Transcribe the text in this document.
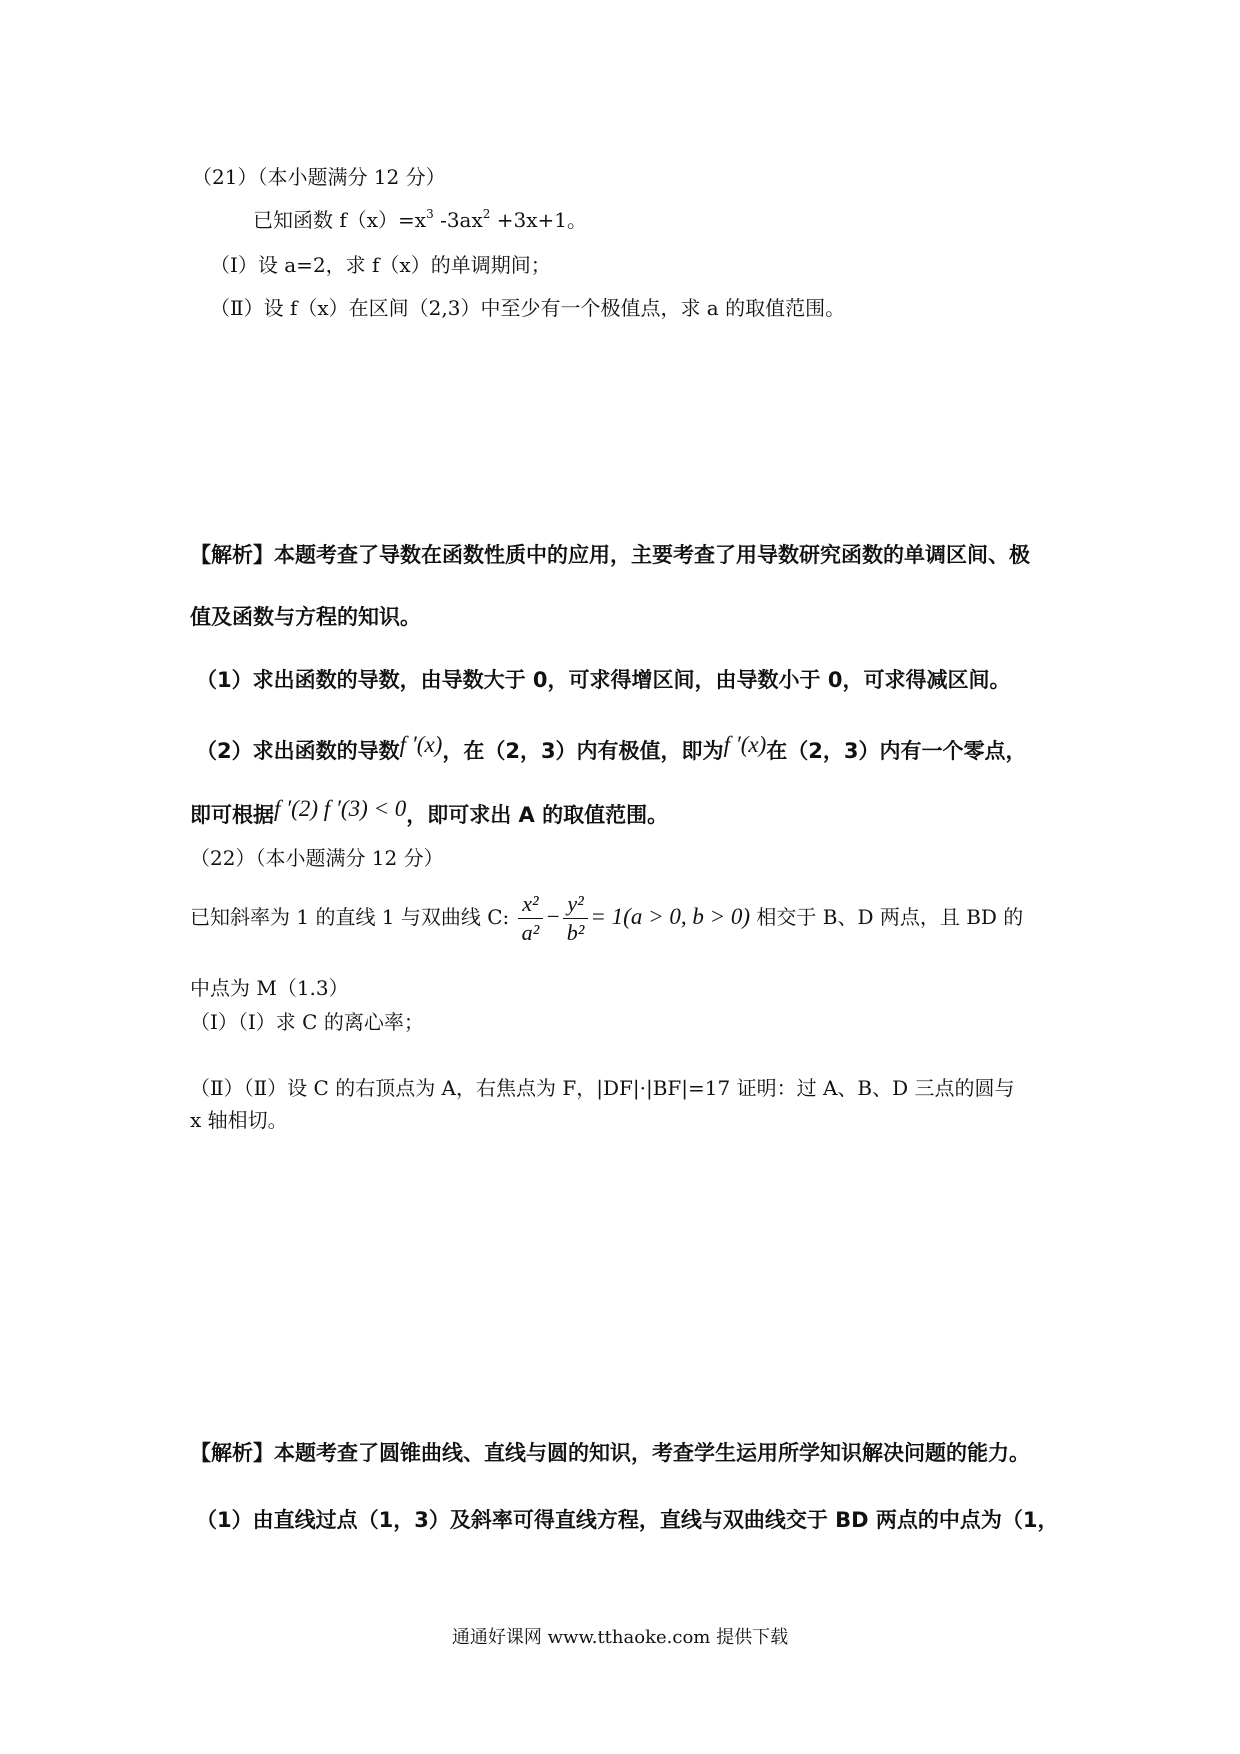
（21）（本小题满分 12 分）
已知函数 $f(x)=x^3$ $-3ax^2 +3x+1$。
（Ⅰ）设 a=2，求 f（x）的单调期间；
（Ⅱ）设 f（x）在区间（2,3）中至少有一个极值点，求 a 的取值范围。
【解析】本题考查了导数在函数性质中的应用，主要考查了用导数研究函数的单调区间、极
值及函数与方程的知识。
（1）求出函数的导数，由导数大于 0，可求得增区间，由导数小于 0，可求得减区间。
（2）求出函数的导数f ′(x)，在（2，3）内有极值，即为f ′(x)在（2，3）内有一个零点，
即可根据f ′(2) f ′(3) < 0，即可求出 A 的取值范围。
（22）（本小题满分 12 分）
已知斜率为 1 的直线 1 与双曲线 C: $\frac{\text{x²}}{\text{a²}} - \frac{\text{y²}}{\text{b²}} = 1(a > 0$, b > 0) 相交于 B、D 两点，且 BD 的
中点为 M（1.3）
（Ⅰ）（Ⅰ）求 C 的离心率；
（Ⅱ）（Ⅱ）设 C 的右顶点为 A，右焦点为 F，|DF|·|BF|=17 证明：过 A、B、D 三点的圆与
x 轴相切。
【解析】本题考查了圆锥曲线、直线与圆的知识，考查学生运用所学知识解决问题的能力。
（1）由直线过点（1，3）及斜率可得直线方程，直线与双曲线交于 BD 两点的中点为（1，
通通好课网 www.tthaoke.com 提供下载
